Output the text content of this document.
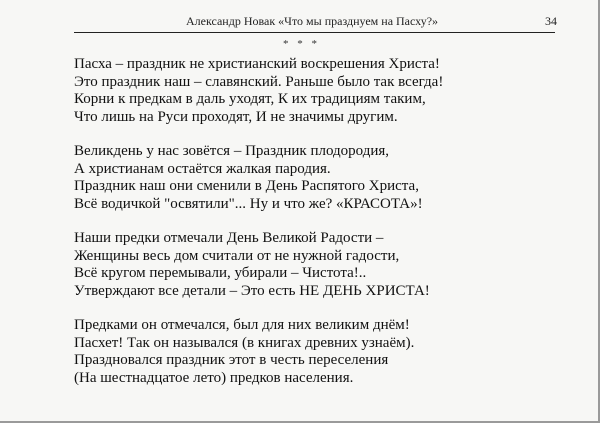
Александр Новак «Что мы празднуем на Пасху?»	34
* * *
Пасха – праздник не христианский воскрешения Христа!
Это праздник наш – славянский. Раньше было так всегда!
Корни к предкам в даль уходят, К их традициям таким,
Что лишь на Руси проходят, И не значимы другим.
Великдень у нас зовётся – Праздник плодородия,
А христианам остаётся жалкая пародия.
Праздник наш они сменили в День Распятого Христа,
Всё водичкой "освятили"... Ну и что же? «КРАСОТА»!
Наши предки отмечали День Великой Радости –
Женщины весь дом считали от не нужной гадости,
Всё кругом перемывали, убирали – Чистота!..
Утверждают все детали – Это есть НЕ ДЕНЬ ХРИСТА!
Предками он отмечался, был для них великим днём!
Пасхет! Так он назывался (в книгах древних узнаём).
Праздновался праздник этот в честь переселения
(На шестнадцатое лето) предков населения.
